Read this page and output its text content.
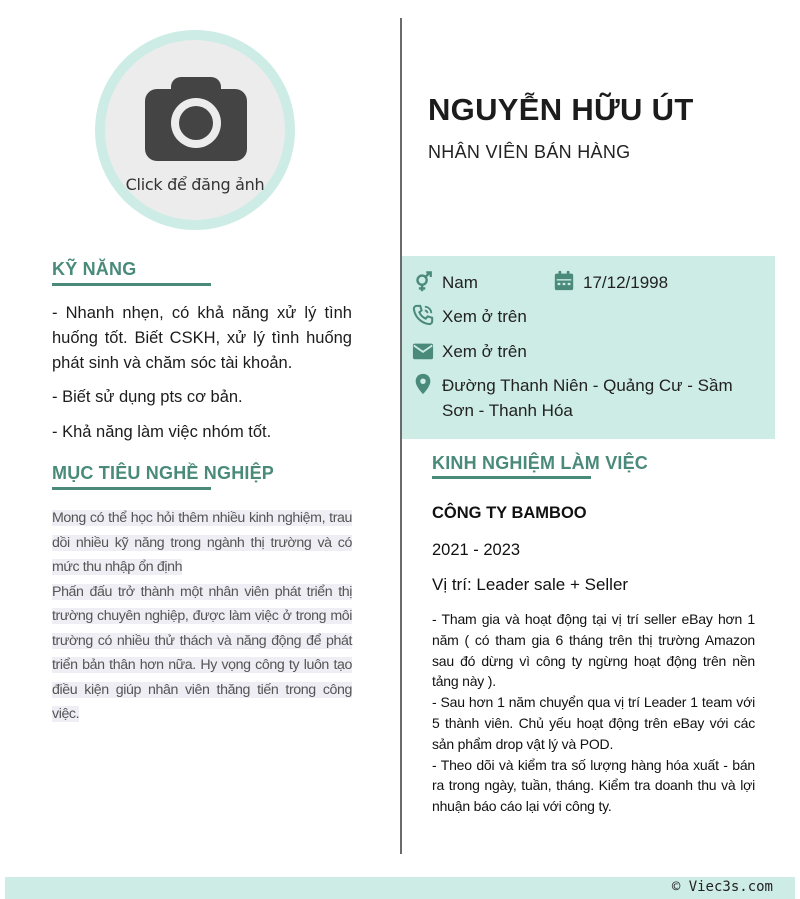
Click để đăng ảnh
KỸ NĂNG
- Nhanh nhẹn, có khả năng xử lý tình huống tốt. Biết CSKH, xử lý tình huống phát sinh và chăm sóc tài khoản.
- Biết sử dụng pts cơ bản.
- Khả năng làm việc nhóm tốt.
MỤC TIÊU NGHỀ NGHIỆP
Mong có thể học hỏi thêm nhiều kinh nghiệm, trau dồi nhiều kỹ năng trong ngành thị trường và có mức thu nhập ổn định
Phấn đấu trở thành một nhân viên phát triển thị trường chuyên nghiệp, được làm việc ở trong môi trường có nhiều thử thách và năng động để phát triển bản thân hơn nữa. Hy vọng công ty luôn tạo điều kiện giúp nhân viên thăng tiến trong công việc.
NGUYỄN HỮU ÚT
NHÂN VIÊN BÁN HÀNG
Nam	17/12/1998
Xem ở trên
Xem ở trên
Đường Thanh Niên - Quảng Cư - Sầm Sơn - Thanh Hóa
KINH NGHIỆM LÀM VIỆC
CÔNG TY BAMBOO
2021 - 2023
Vị trí: Leader sale + Seller
- Tham gia và hoạt động tại vị trí seller eBay hơn 1 năm ( có tham gia 6 tháng trên thị trường Amazon sau đó dừng vì công ty ngừng hoạt động trên nền tảng này ).
- Sau hơn 1 năm chuyển qua vị trí Leader 1 team với 5 thành viên. Chủ yếu hoạt động trên eBay với các sản phẩm drop vật lý và POD.
- Theo dõi và kiểm tra số lượng hàng hóa xuất - bán ra trong ngày, tuần, tháng. Kiểm tra doanh thu và lợi nhuận báo cáo lại với công ty.
© Viec3s.com
